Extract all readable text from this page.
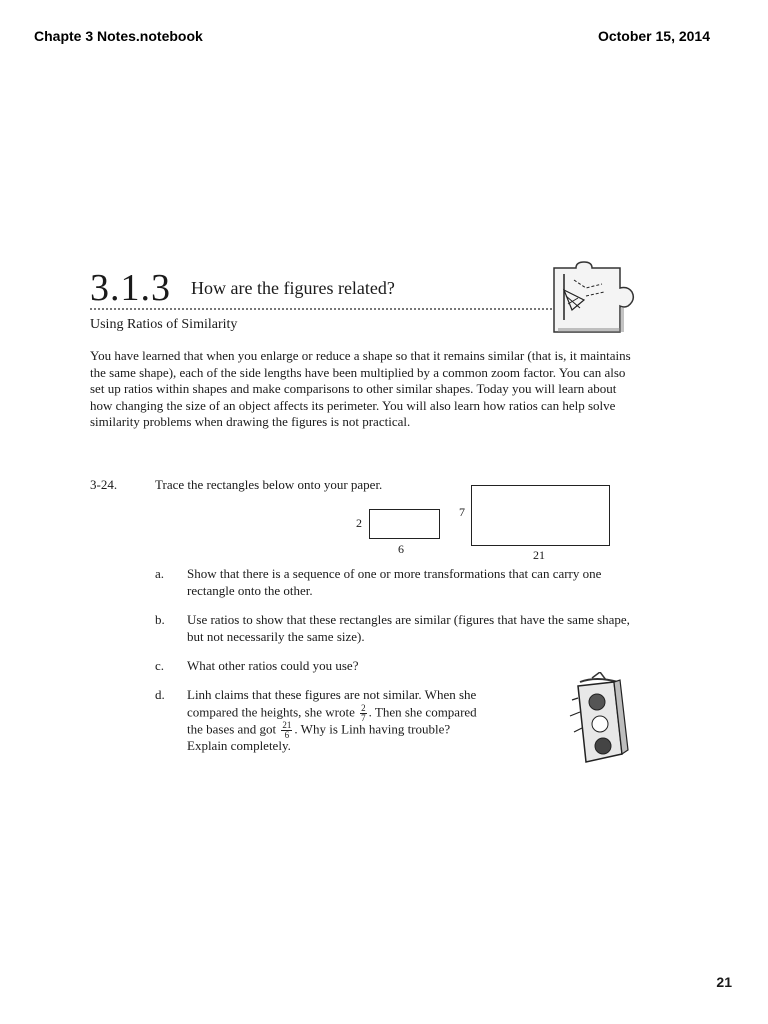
Chapte 3 Notes.notebook	October 15, 2014
3.1.3 How are the figures related?
Using Ratios of Similarity
You have learned that when you enlarge or reduce a shape so that it remains similar (that is, it maintains the same shape), each of the side lengths have been multiplied by a common zoom factor. You can also set up ratios within shapes and make comparisons to other similar shapes. Today you will learn about how changing the size of an object affects its perimeter. You will also learn how ratios can help solve similarity problems when drawing the figures is not practical.
3-24.	Trace the rectangles below onto your paper.
2
6
7
21
a. Show that there is a sequence of one or more transformations that can carry one rectangle onto the other.
b. Use ratios to show that these rectangles are similar (figures that have the same shape, but not necessarily the same size).
c. What other ratios could you use?
d. Linh claims that these figures are not similar. When she
compared the heights, she wrote $\frac{2}{7}$ . Then she compared
the bases and got $\frac{21}{6}$ . Why is Linh having trouble?
Explain completely.
21
